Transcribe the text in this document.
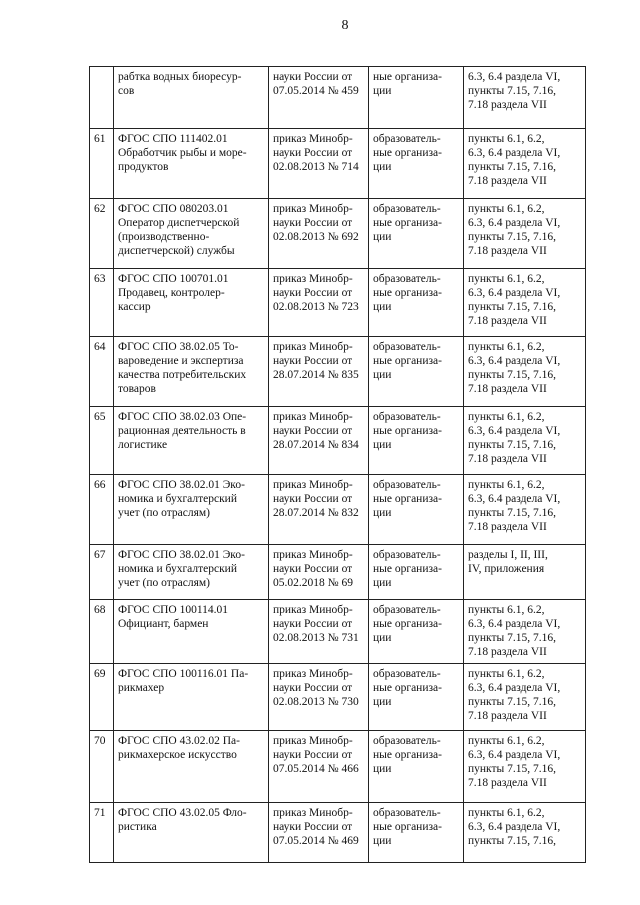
8
	рабтка водных биоресур-
сов	науки России от
07.05.2014 № 459	ные организа-
ции	6.3, 6.4 раздела VI,
пункты 7.15, 7.16,
7.18 раздела VII
61	ФГОС СПО 111402.01
Обработчик рыбы и море-
продуктов	приказ Минобр-
науки России от
02.08.2013 № 714	образователь-
ные организа-
ции	пункты 6.1, 6.2,
6.3, 6.4 раздела VI,
пункты 7.15, 7.16,
7.18 раздела VII
62	ФГОС СПО 080203.01
Оператор диспетчерской
(производственно-
диспетчерской) службы	приказ Минобр-
науки России от
02.08.2013 № 692	образователь-
ные организа-
ции	пункты 6.1, 6.2,
6.3, 6.4 раздела VI,
пункты 7.15, 7.16,
7.18 раздела VII
63	ФГОС СПО 100701.01
Продавец, контролер-
кассир	приказ Минобр-
науки России от
02.08.2013 № 723	образователь-
ные организа-
ции	пункты 6.1, 6.2,
6.3, 6.4 раздела VI,
пункты 7.15, 7.16,
7.18 раздела VII
64	ФГОС СПО 38.02.05 То-
вароведение и экспертиза
качества потребительских
товаров	приказ Минобр-
науки России от
28.07.2014 № 835	образователь-
ные организа-
ции	пункты 6.1, 6.2,
6.3, 6.4 раздела VI,
пункты 7.15, 7.16,
7.18 раздела VII
65	ФГОС СПО 38.02.03 Опе-
рационная деятельность в
логистике	приказ Минобр-
науки России от
28.07.2014 № 834	образователь-
ные организа-
ции	пункты 6.1, 6.2,
6.3, 6.4 раздела VI,
пункты 7.15, 7.16,
7.18 раздела VII
66	ФГОС СПО 38.02.01 Эко-
номика и бухгалтерский
учет (по отраслям)	приказ Минобр-
науки России от
28.07.2014 № 832	образователь-
ные организа-
ции	пункты 6.1, 6.2,
6.3, 6.4 раздела VI,
пункты 7.15, 7.16,
7.18 раздела VII
67	ФГОС СПО 38.02.01 Эко-
номика и бухгалтерский
учет (по отраслям)	приказ Минобр-
науки России от
05.02.2018 № 69	образователь-
ные организа-
ции	разделы I, II, III,
IV, приложения
68	ФГОС СПО 100114.01
Официант, бармен	приказ Минобр-
науки России от
02.08.2013 № 731	образователь-
ные организа-
ции	пункты 6.1, 6.2,
6.3, 6.4 раздела VI,
пункты 7.15, 7.16,
7.18 раздела VII
69	ФГОС СПО 100116.01 Па-
рикмахер	приказ Минобр-
науки России от
02.08.2013 № 730	образователь-
ные организа-
ции	пункты 6.1, 6.2,
6.3, 6.4 раздела VI,
пункты 7.15, 7.16,
7.18 раздела VII
70	ФГОС СПО 43.02.02 Па-
рикмахерское искусство	приказ Минобр-
науки России от
07.05.2014 № 466	образователь-
ные организа-
ции	пункты 6.1, 6.2,
6.3, 6.4 раздела VI,
пункты 7.15, 7.16,
7.18 раздела VII
71	ФГОС СПО 43.02.05 Фло-
ристика	приказ Минобр-
науки России от
07.05.2014 № 469	образователь-
ные организа-
ции	пункты 6.1, 6.2,
6.3, 6.4 раздела VI,
пункты 7.15, 7.16,
